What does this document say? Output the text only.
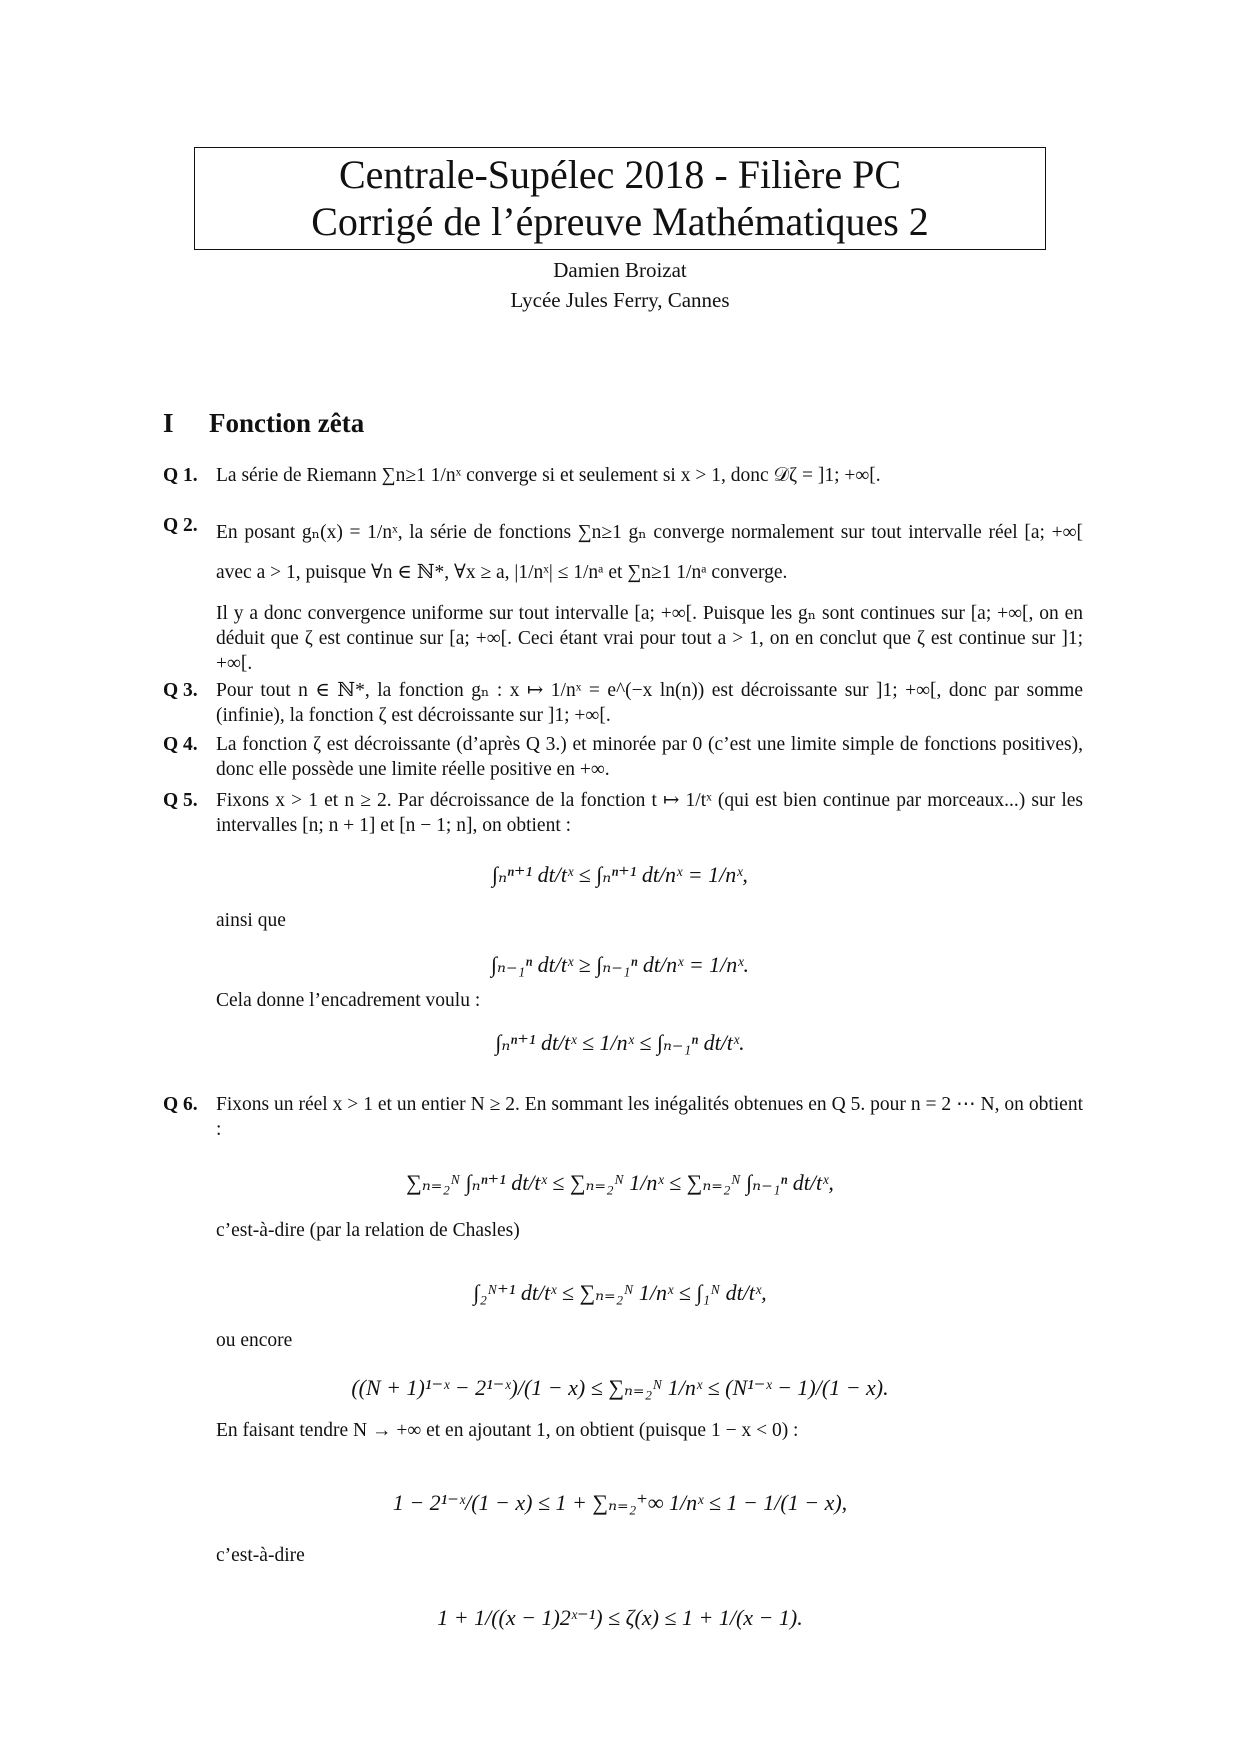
Centrale-Supélec 2018 - Filière PC
Corrigé de l’épreuve Mathématiques 2
Damien Broizat
Lycée Jules Ferry, Cannes
I Fonction zêta
Q 1. La série de Riemann ∑n≥1 1/nˣ converge si et seulement si x > 1, donc 𝒟ζ = ]1; +∞[.
Q 2. En posant gₙ(x) = 1/nˣ, la série de fonctions ∑n≥1 gₙ converge normalement sur tout intervalle réel [a; +∞[ avec a > 1, puisque ∀n ∈ ℕ*, ∀x ≥ a, |1/nˣ| ≤ 1/nᵃ et ∑n≥1 1/nᵃ converge.
Il y a donc convergence uniforme sur tout intervalle [a; +∞[. Puisque les gₙ sont continues sur [a; +∞[, on en déduit que ζ est continue sur [a; +∞[. Ceci étant vrai pour tout a > 1, on en conclut que ζ est continue sur ]1; +∞[.
Q 3. Pour tout n ∈ ℕ*, la fonction gₙ : x ↦ 1/nˣ = e^(−x ln(n)) est décroissante sur ]1; +∞[, donc par somme (infinie), la fonction ζ est décroissante sur ]1; +∞[.
Q 4. La fonction ζ est décroissante (d’après Q 3.) et minorée par 0 (c’est une limite simple de fonctions positives), donc elle possède une limite réelle positive en +∞.
Q 5. Fixons x > 1 et n ≥ 2. Par décroissance de la fonction t ↦ 1/tˣ (qui est bien continue par morceaux...) sur les intervalles [n; n + 1] et [n − 1; n], on obtient :
∫ₙⁿ⁺¹ dt/tˣ ≤ ∫ₙⁿ⁺¹ dt/nˣ = 1/nˣ,
ainsi que
∫ₙ₋₁ⁿ dt/tˣ ≥ ∫ₙ₋₁ⁿ dt/nˣ = 1/nˣ.
Cela donne l’encadrement voulu :
∫ₙⁿ⁺¹ dt/tˣ ≤ 1/nˣ ≤ ∫ₙ₋₁ⁿ dt/tˣ.
Q 6. Fixons un réel x > 1 et un entier N ≥ 2. En sommant les inégalités obtenues en Q 5. pour n = 2 ⋯ N, on obtient :
∑ₙ₌₂ᴺ ∫ₙⁿ⁺¹ dt/tˣ ≤ ∑ₙ₌₂ᴺ 1/nˣ ≤ ∑ₙ₌₂ᴺ ∫ₙ₋₁ⁿ dt/tˣ,
c’est-à-dire (par la relation de Chasles)
∫₂ᴺ⁺¹ dt/tˣ ≤ ∑ₙ₌₂ᴺ 1/nˣ ≤ ∫₁ᴺ dt/tˣ,
ou encore
((N + 1)¹⁻ˣ − 2¹⁻ˣ)/(1 − x) ≤ ∑ₙ₌₂ᴺ 1/nˣ ≤ (N¹⁻ˣ − 1)/(1 − x).
En faisant tendre N → +∞ et en ajoutant 1, on obtient (puisque 1 − x < 0) :
1 − 2¹⁻ˣ/(1 − x) ≤ 1 + ∑ₙ₌₂⁺∞ 1/nˣ ≤ 1 − 1/(1 − x),
c’est-à-dire
1 + 1/((x − 1)2ˣ⁻¹) ≤ ζ(x) ≤ 1 + 1/(x − 1).
